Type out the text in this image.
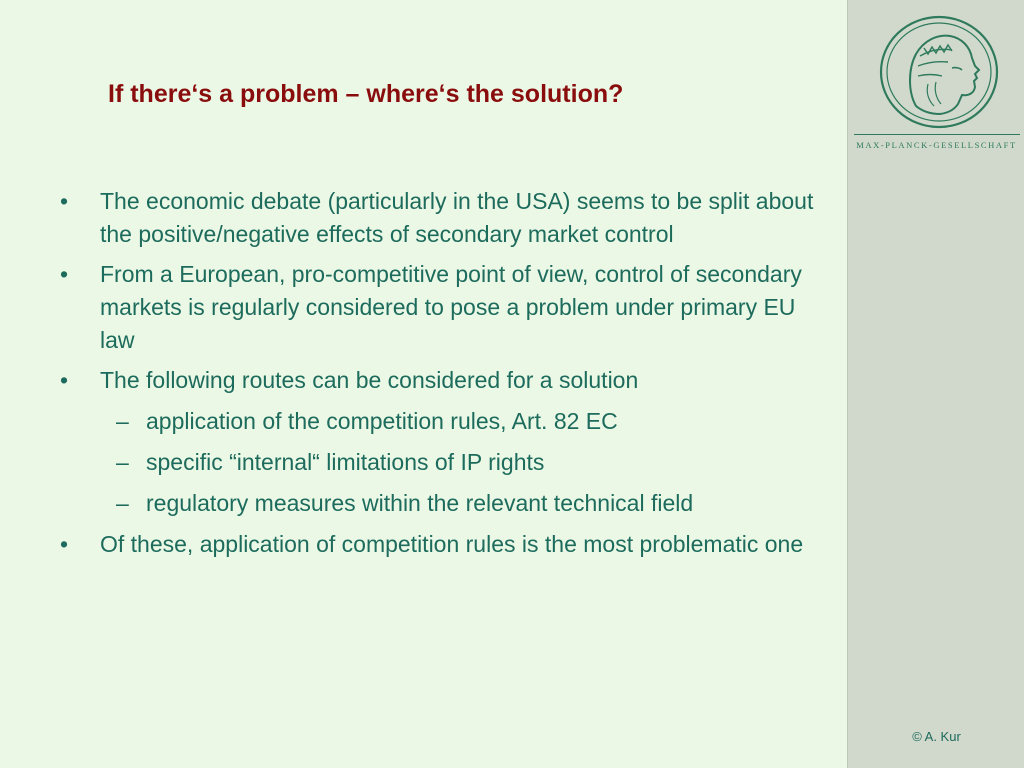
If there‘s a problem – where‘s the solution?
• The economic debate (particularly in the USA) seems to be split about the positive/negative effects of secondary market control
• From a European, pro-competitive point of view, control of secondary markets is regularly considered to pose a problem under primary EU law
• The following routes can be considered for a solution
– application of the competition rules, Art. 82 EC
– specific “internal“ limitations of IP rights
– regulatory measures within the relevant technical field
• Of these, application of competition rules is the most problematic one
MAX-PLANCK-GESELLSCHAFT
© A. Kur
